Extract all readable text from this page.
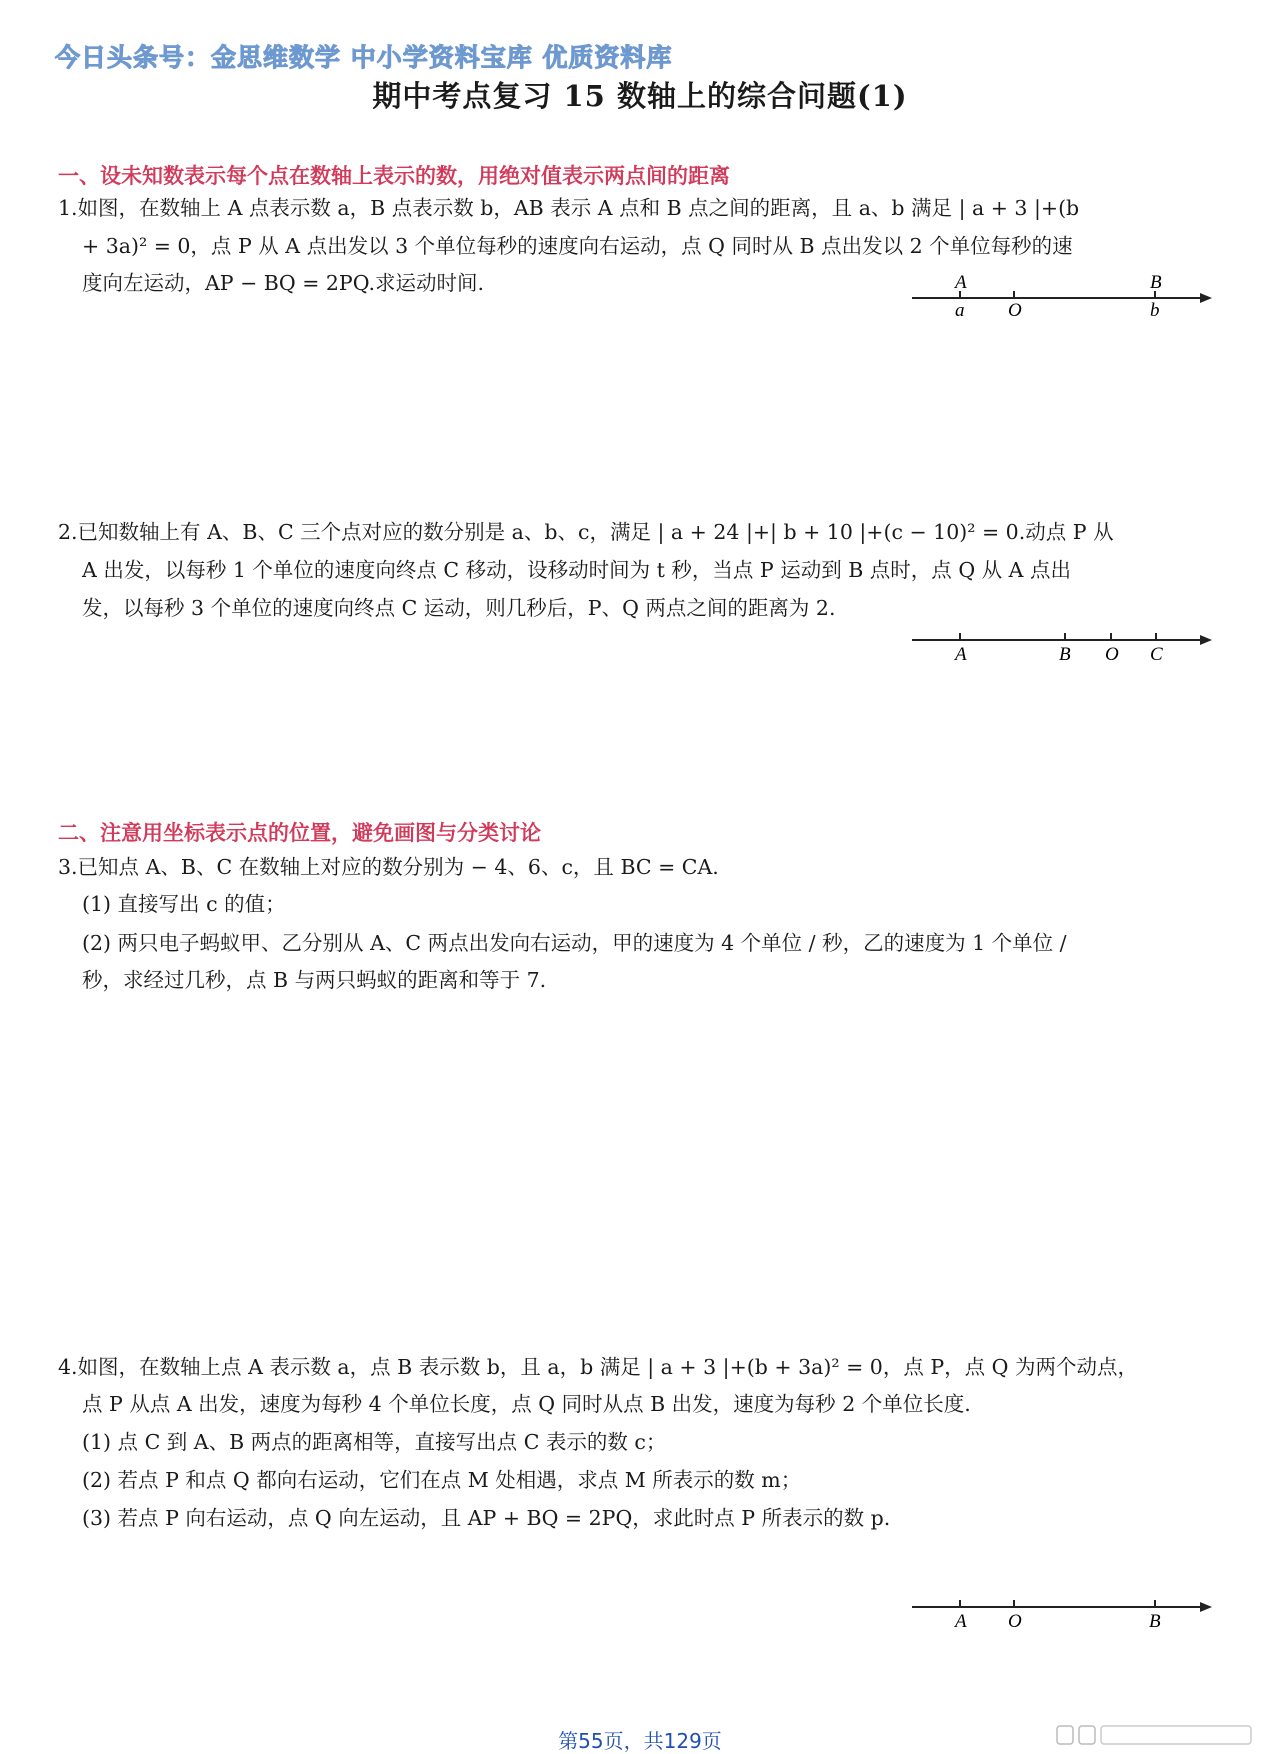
今日头条号：金思维数学 中小学资料宝库 优质资料库
期中考点复习 15 数轴上的综合问题(1)
一、设未知数表示每个点在数轴上表示的数，用绝对值表示两点间的距离
1.如图，在数轴上 A 点表示数 a，B 点表示数 b，AB 表示 A 点和 B 点之间的距离，且 a、b 满足 | a + 3 |+(b
+ 3a)² = 0，点 P 从 A 点出发以 3 个单位每秒的速度向右运动，点 Q 同时从 B 点出发以 2 个单位每秒的速
度向左运动，AP − BQ = 2PQ.求运动时间.	A	B
a O	b
2.已知数轴上有 A、B、C 三个点对应的数分别是 a、b、c，满足 | a + 24 |+| b + 10 |+(c − 10)² = 0.动点 P 从
A 出发，以每秒 1 个单位的速度向终点 C 移动，设移动时间为 t 秒，当点 P 运动到 B 点时，点 Q 从 A 点出
发，以每秒 3 个单位的速度向终点 C 运动，则几秒后，P、Q 两点之间的距离为 2.
A	B O C
二、注意用坐标表示点的位置，避免画图与分类讨论
3.已知点 A、B、C 在数轴上对应的数分别为 − 4、6、c，且 BC = CA.
(1) 直接写出 c 的值；
(2) 两只电子蚂蚁甲、乙分别从 A、C 两点出发向右运动，甲的速度为 4 个单位 / 秒，乙的速度为 1 个单位 /
秒，求经过几秒，点 B 与两只蚂蚁的距离和等于 7.
4.如图，在数轴上点 A 表示数 a，点 B 表示数 b，且 a，b 满足 | a + 3 |+(b + 3a)² = 0，点 P，点 Q 为两个动点，
点 P 从点 A 出发，速度为每秒 4 个单位长度，点 Q 同时从点 B 出发，速度为每秒 2 个单位长度.
(1) 点 C 到 A、B 两点的距离相等，直接写出点 C 表示的数 c；
(2) 若点 P 和点 Q 都向右运动，它们在点 M 处相遇，求点 M 所表示的数 m；
(3) 若点 P 向右运动，点 Q 向左运动，且 AP + BQ = 2PQ，求此时点 P 所表示的数 p.
A O	B
第55页，共129页
